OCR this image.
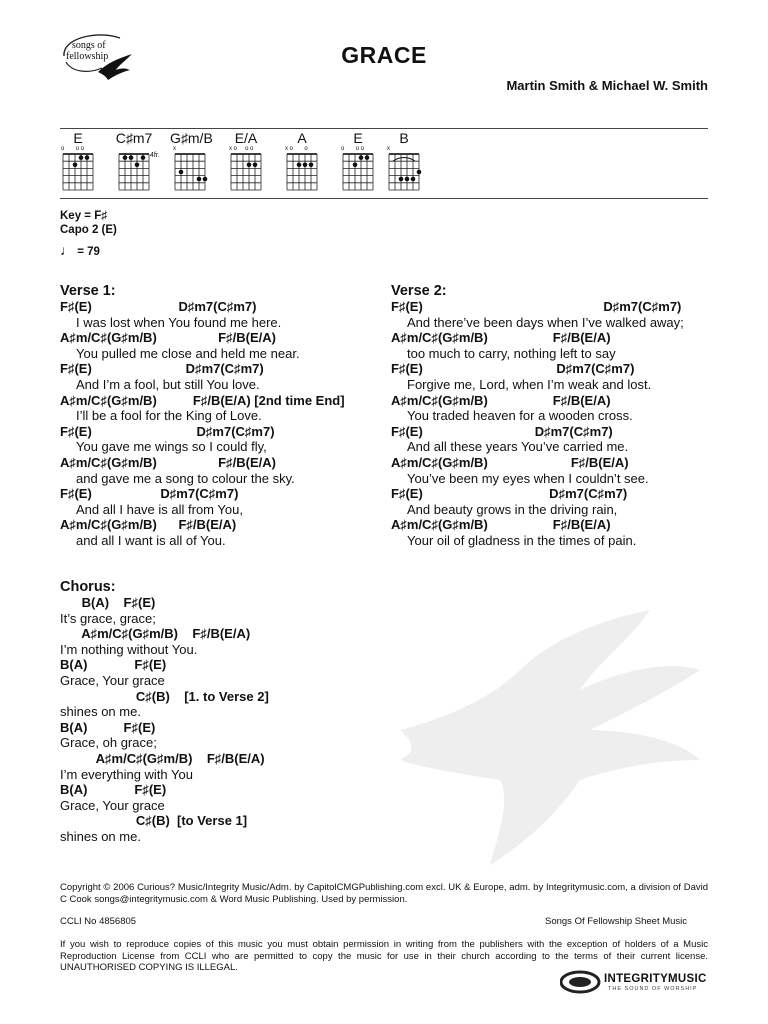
songs of
fellowship	GRACE
Martin Smith & Michael W. Smith
E
o   oo
C♯m7
4fr.
G♯m/B
x
E/A
xo  oo
A
xo   o
E
o   oo
B
x
Key = F♯
Capo 2 (E)
♩ = 79
Verse 1:
F♯(E)                        D♯m7(C♯m7)
I was lost when You found me here.
A♯m/C♯(G♯m/B)                 F♯/B(E/A)
You pulled me close and held me near.
F♯(E)                          D♯m7(C♯m7)
And I’m a fool, but still You love.
A♯m/C♯(G♯m/B)          F♯/B(E/A) [2nd time End]
I’ll be a fool for the King of Love.
F♯(E)                             D♯m7(C♯m7)
You gave me wings so I could fly,
A♯m/C♯(G♯m/B)                 F♯/B(E/A)
and gave me a song to colour the sky.
F♯(E)                   D♯m7(C♯m7)
And all I have is all from You,
A♯m/C♯(G♯m/B)      F♯/B(E/A)
and all I want is all of You.
Verse 2:
F♯(E)                                                  D♯m7(C♯m7)
And there’ve been days when I’ve walked away;
A♯m/C♯(G♯m/B)                  F♯/B(E/A)
too much to carry, nothing left to say
F♯(E)                                     D♯m7(C♯m7)
Forgive me, Lord, when I’m weak and lost.
A♯m/C♯(G♯m/B)                  F♯/B(E/A)
You traded heaven for a wooden cross.
F♯(E)                               D♯m7(C♯m7)
And all these years You’ve carried me.
A♯m/C♯(G♯m/B)                       F♯/B(E/A)
You’ve been my eyes when I couldn’t see.
F♯(E)                                   D♯m7(C♯m7)
And beauty grows in the driving rain,
A♯m/C♯(G♯m/B)                  F♯/B(E/A)
Your oil of gladness in the times of pain.
Chorus:
B(A)    F♯(E)
It’s grace, grace;
A♯m/C♯(G♯m/B)    F♯/B(E/A)
I’m nothing without You.
B(A)             F♯(E)
Grace, Your grace
C♯(B)    [1. to Verse 2]
shines on me.
B(A)          F♯(E)
Grace, oh grace;
A♯m/C♯(G♯m/B)    F♯/B(E/A)
I’m everything with You
B(A)             F♯(E)
Grace, Your grace
C♯(B)  [to Verse 1]
shines on me.
Copyright © 2006 Curious? Music/Integrity Music/Adm. by CapitolCMGPublishing.com excl. UK & Europe, adm. by Integritymusic.com, a division of David C Cook songs@integritymusic.com & Word Music Publishing. Used by permission.
CCLI No 4856805	Songs Of Fellowship Sheet Music
If you wish to reproduce copies of this music you must obtain permission in writing from the publishers with the exception of holders of a Music Reproduction License from CCLI who are permitted to copy the music for use in their church according to the terms of their current license. UNAUTHORISED COPYING IS ILLEGAL.
INTEGRITYMUSIC
THE SOUND OF WORSHIP
